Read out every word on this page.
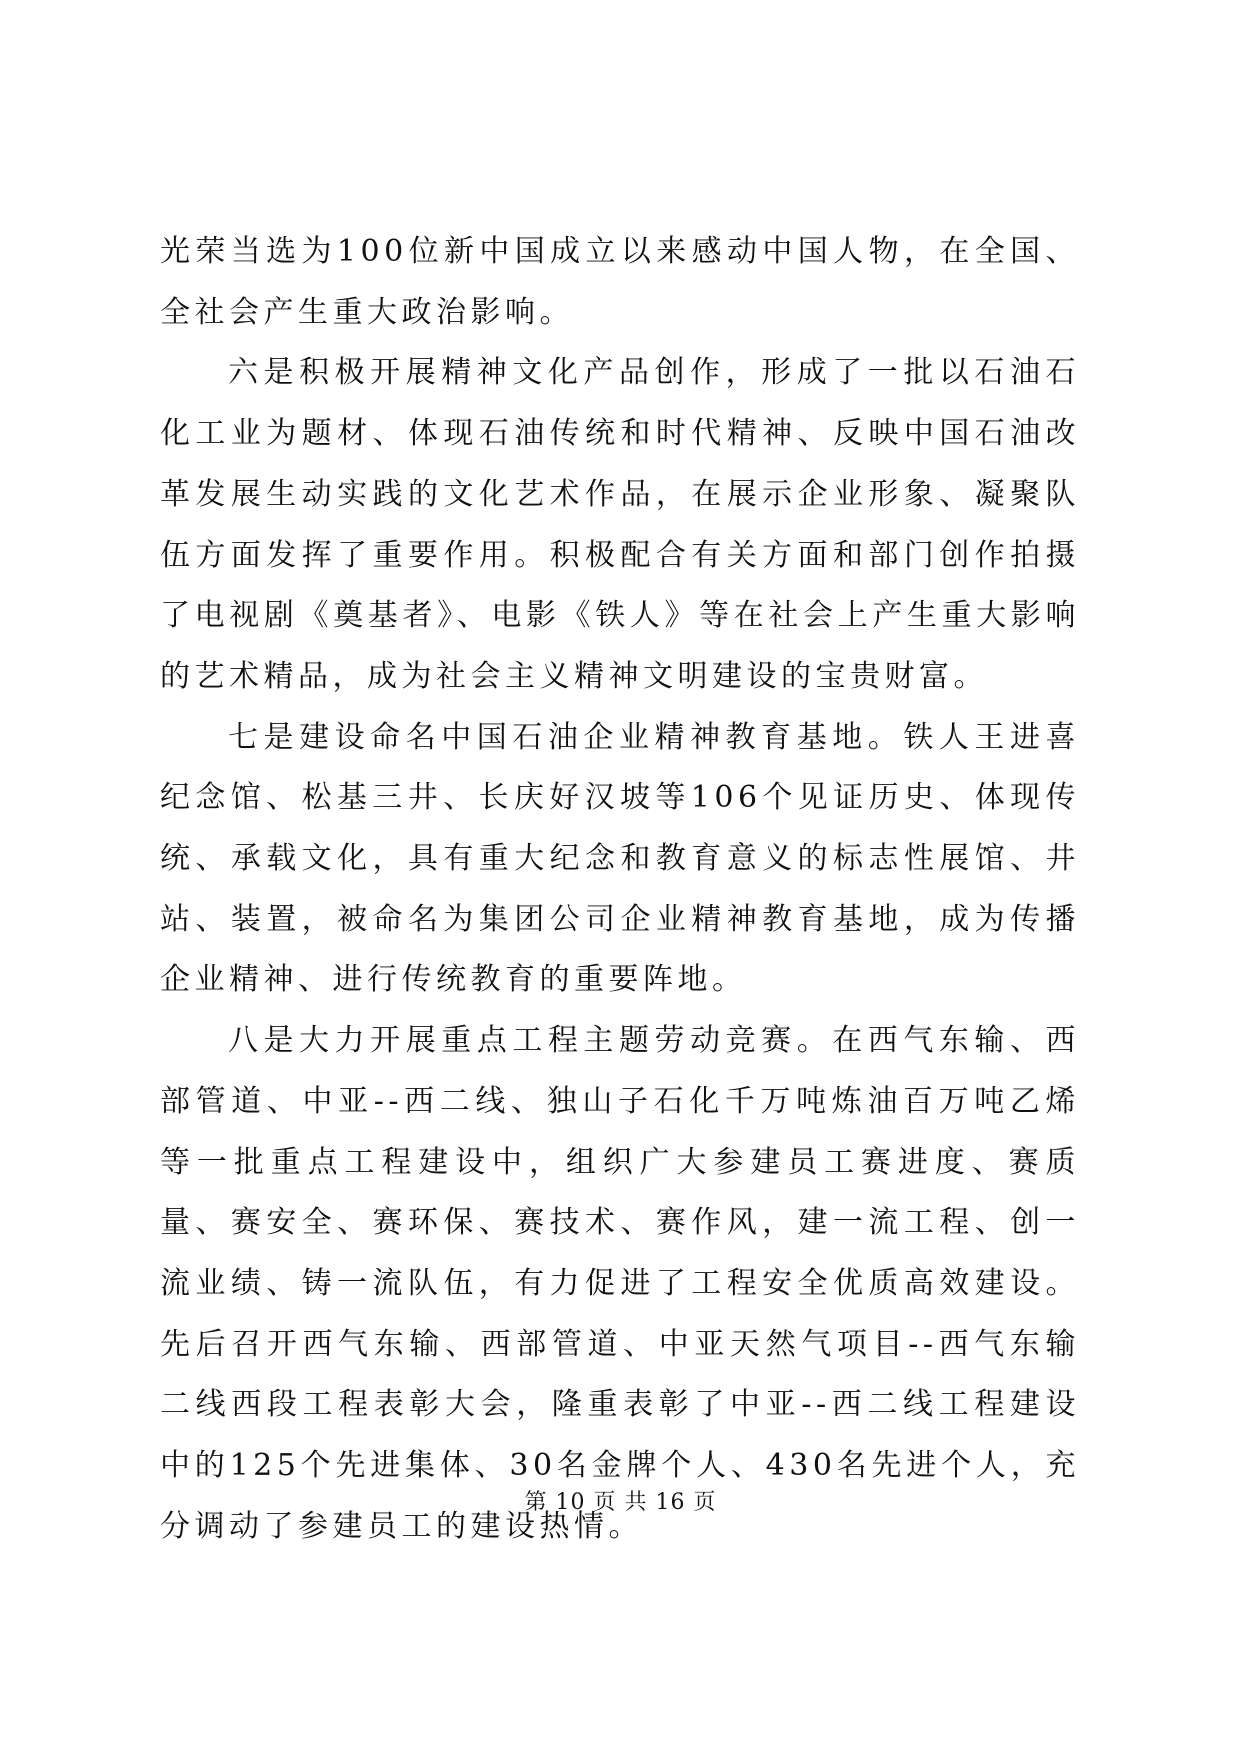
光荣当选为100位新中国成立以来感动中国人物，在全国、全社会产生重大政治影响。

六是积极开展精神文化产品创作，形成了一批以石油石化工业为题材、体现石油传统和时代精神、反映中国石油改革发展生动实践的文化艺术作品，在展示企业形象、凝聚队伍方面发挥了重要作用。积极配合有关方面和部门创作拍摄了电视剧《奠基者》、电影《铁人》等在社会上产生重大影响的艺术精品，成为社会主义精神文明建设的宝贵财富。

七是建设命名中国石油企业精神教育基地。铁人王进喜纪念馆、松基三井、长庆好汉坡等106个见证历史、体现传统、承载文化，具有重大纪念和教育意义的标志性展馆、井站、装置，被命名为集团公司企业精神教育基地，成为传播企业精神、进行传统教育的重要阵地。

八是大力开展重点工程主题劳动竞赛。在西气东输、西部管道、中亚--西二线、独山子石化千万吨炼油百万吨乙烯等一批重点工程建设中，组织广大参建员工赛进度、赛质量、赛安全、赛环保、赛技术、赛作风，建一流工程、创一流业绩、铸一流队伍，有力促进了工程安全优质高效建设。先后召开西气东输、西部管道、中亚天然气项目--西气东输二线西段工程表彰大会，隆重表彰了中亚--西二线工程建设中的125个先进集体、30名金牌个人、430名先进个人，充分调动了参建员工的建设热情。

第 10 页 共 16 页
